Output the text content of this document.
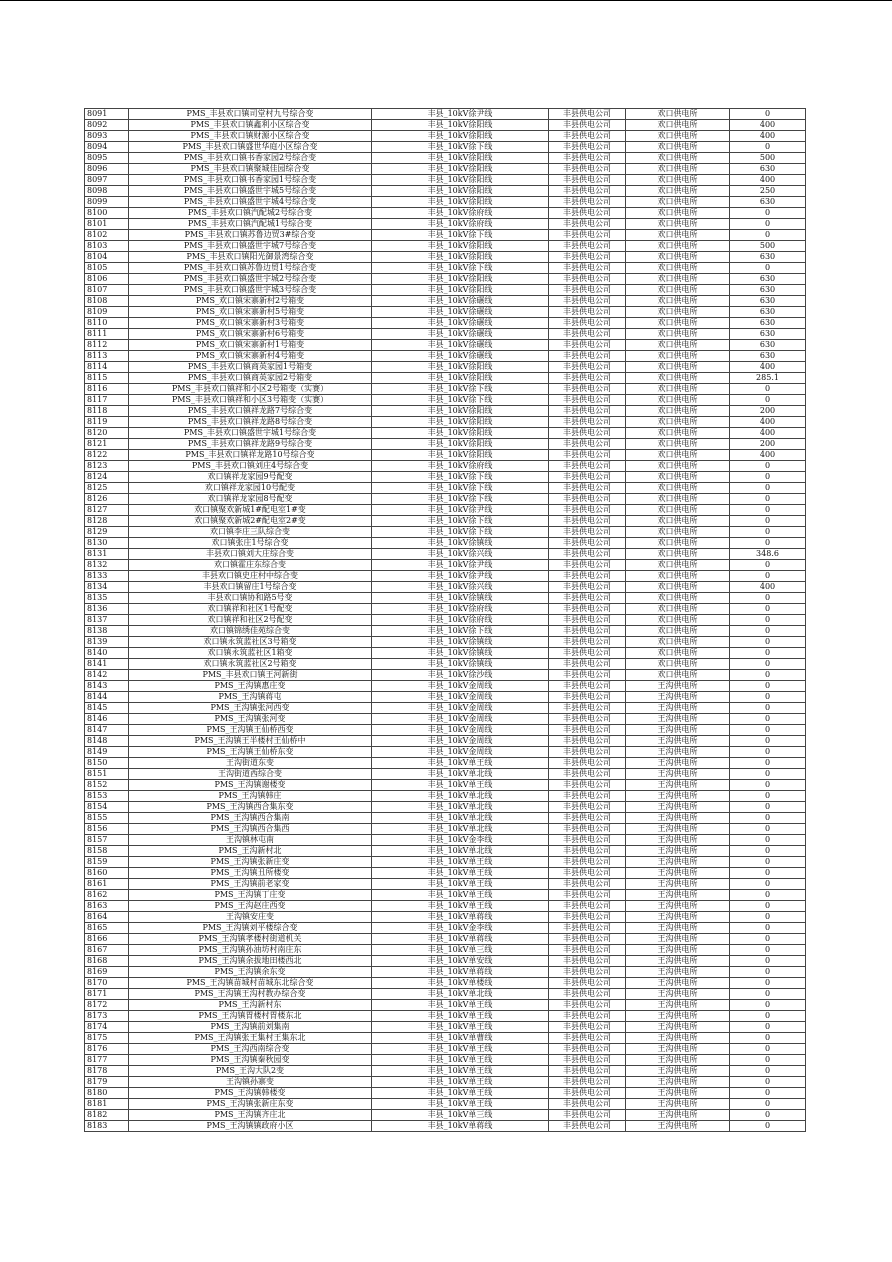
8091	PMS_丰县欢口镇司堂村九号综合变	丰县_10kV徐尹线	丰县供电公司	欢口供电所	0
8092	PMS_丰县欢口镇鑫利小区综合变	丰县_10kV徐阳线	丰县供电公司	欢口供电所	400
8093	PMS_丰县欢口镇财源小区综合变	丰县_10kV徐阳线	丰县供电公司	欢口供电所	400
8094	PMS_丰县欢口镇盛世华庭小区综合变	丰县_10kV徐下线	丰县供电公司	欢口供电所	0
8095	PMS_丰县欢口镇书香家园2号综合变	丰县_10kV徐阳线	丰县供电公司	欢口供电所	500
8096	PMS_丰县欢口镇聚城佳园综合变	丰县_10kV徐阳线	丰县供电公司	欢口供电所	630
8097	PMS_丰县欢口镇书香家园1号综合变	丰县_10kV徐阳线	丰县供电公司	欢口供电所	400
8098	PMS_丰县欢口镇盛世宇城5号综合变	丰县_10kV徐阳线	丰县供电公司	欢口供电所	250
8099	PMS_丰县欢口镇盛世宇城4号综合变	丰县_10kV徐阳线	丰县供电公司	欢口供电所	630
8100	PMS_丰县欢口镇汽配城2号综合变	丰县_10kV徐府线	丰县供电公司	欢口供电所	0
8101	PMS_丰县欢口镇汽配城1号综合变	丰县_10kV徐府线	丰县供电公司	欢口供电所	0
8102	PMS_丰县欢口镇苏鲁边贸3#综合变	丰县_10kV徐下线	丰县供电公司	欢口供电所	0
8103	PMS_丰县欢口镇盛世宇城7号综合变	丰县_10kV徐阳线	丰县供电公司	欢口供电所	500
8104	PMS_丰县欢口镇阳光御景湾综合变	丰县_10kV徐阳线	丰县供电公司	欢口供电所	630
8105	PMS_丰县欢口镇苏鲁边贸1号综合变	丰县_10kV徐下线	丰县供电公司	欢口供电所	0
8106	PMS_丰县欢口镇盛世宇城2号综合变	丰县_10kV徐阳线	丰县供电公司	欢口供电所	630
8107	PMS_丰县欢口镇盛世宇城3号综合变	丰县_10kV徐阳线	丰县供电公司	欢口供电所	630
8108	PMS_欢口镇宋寨新村2号箱变	丰县_10kV徐碾线	丰县供电公司	欢口供电所	630
8109	PMS_欢口镇宋寨新村5号箱变	丰县_10kV徐碾线	丰县供电公司	欢口供电所	630
8110	PMS_欢口镇宋寨新村3号箱变	丰县_10kV徐碾线	丰县供电公司	欢口供电所	630
8111	PMS_欢口镇宋寨新村6号箱变	丰县_10kV徐碾线	丰县供电公司	欢口供电所	630
8112	PMS_欢口镇宋寨新村1号箱变	丰县_10kV徐碾线	丰县供电公司	欢口供电所	630
8113	PMS_欢口镇宋寨新村4号箱变	丰县_10kV徐碾线	丰县供电公司	欢口供电所	630
8114	PMS_丰县欢口镇商英家园1号箱变	丰县_10kV徐阳线	丰县供电公司	欢口供电所	400
8115	PMS_丰县欢口镇商英家园2号箱变	丰县_10kV徐阳线	丰县供电公司	欢口供电所	285.1
8116	PMS_丰县欢口镇祥和小区2号箱变（实赛）	丰县_10kV徐下线	丰县供电公司	欢口供电所	0
8117	PMS_丰县欢口镇祥和小区3号箱变（实赛）	丰县_10kV徐下线	丰县供电公司	欢口供电所	0
8118	PMS_丰县欢口镇祥龙路7号综合变	丰县_10kV徐阳线	丰县供电公司	欢口供电所	200
8119	PMS_丰县欢口镇祥龙路8号综合变	丰县_10kV徐阳线	丰县供电公司	欢口供电所	400
8120	PMS_丰县欢口镇盛世宇城1号综合变	丰县_10kV徐阳线	丰县供电公司	欢口供电所	400
8121	PMS_丰县欢口镇祥龙路9号综合变	丰县_10kV徐阳线	丰县供电公司	欢口供电所	200
8122	PMS_丰县欢口镇祥龙路10号综合变	丰县_10kV徐阳线	丰县供电公司	欢口供电所	400
8123	PMS_丰县欢口镇刘庄4号综合变	丰县_10kV徐府线	丰县供电公司	欢口供电所	0
8124	欢口镇祥龙家园9号配变	丰县_10kV徐下线	丰县供电公司	欢口供电所	0
8125	欢口镇祥龙家园10号配变	丰县_10kV徐下线	丰县供电公司	欢口供电所	0
8126	欢口镇祥龙家园8号配变	丰县_10kV徐下线	丰县供电公司	欢口供电所	0
8127	欢口镇聚欢新城1#配电室1#变	丰县_10kV徐尹线	丰县供电公司	欢口供电所	0
8128	欢口镇聚欢新城2#配电室2#变	丰县_10kV徐下线	丰县供电公司	欢口供电所	0
8129	欢口镇李庄三队综合变	丰县_10kV徐下线	丰县供电公司	欢口供电所	0
8130	欢口镇张庄1号综合变	丰县_10kV徐镇线	丰县供电公司	欢口供电所	0
8131	丰县欢口镇刘大庄综合变	丰县_10kV徐兴线	丰县供电公司	欢口供电所	348.6
8132	欢口镇霍庄东综合变	丰县_10kV徐尹线	丰县供电公司	欢口供电所	0
8133	丰县欢口镇史庄村中综合变	丰县_10kV徐尹线	丰县供电公司	欢口供电所	0
8134	丰县欢口镇留庄1号综合变	丰县_10kV徐兴线	丰县供电公司	欢口供电所	400
8135	丰县欢口镇协和路5号变	丰县_10kV徐镇线	丰县供电公司	欢口供电所	0
8136	欢口镇祥和社区1号配变	丰县_10kV徐府线	丰县供电公司	欢口供电所	0
8137	欢口镇祥和社区2号配变	丰县_10kV徐府线	丰县供电公司	欢口供电所	0
8138	欢口镇锦绣佳苑综合变	丰县_10kV徐下线	丰县供电公司	欢口供电所	0
8139	欢口镇永筑蓝社区3号箱变	丰县_10kV徐镇线	丰县供电公司	欢口供电所	0
8140	欢口镇永筑蓝社区1箱变	丰县_10kV徐镇线	丰县供电公司	欢口供电所	0
8141	欢口镇永筑蓝社区2号箱变	丰县_10kV徐镇线	丰县供电公司	欢口供电所	0
8142	PMS_丰县欢口镇王河新街	丰县_10kV徐沙线	丰县供电公司	欢口供电所	0
8143	PMS_王沟镇惠庄变	丰县_10kV金周线	丰县供电公司	王沟供电所	0
8144	PMS_王沟镇蒋屯	丰县_10kV金周线	丰县供电公司	王沟供电所	0
8145	PMS_王沟镇张河西变	丰县_10kV金周线	丰县供电公司	王沟供电所	0
8146	PMS_王沟镇张河变	丰县_10kV金周线	丰县供电公司	王沟供电所	0
8147	PMS_王沟镇王仙桥西变	丰县_10kV金周线	丰县供电公司	王沟供电所	0
8148	PMS_王沟镇王半楼村王仙桥中	丰县_10kV金周线	丰县供电公司	王沟供电所	0
8149	PMS_王沟镇王仙桥东变	丰县_10kV金周线	丰县供电公司	王沟供电所	0
8150	王沟街道东变	丰县_10kV单王线	丰县供电公司	王沟供电所	0
8151	王沟街道西综合变	丰县_10kV单北线	丰县供电公司	王沟供电所	0
8152	PMS_王沟镇谢楼变	丰县_10kV单王线	丰县供电公司	王沟供电所	0
8153	PMS_王沟镇韩庄	丰县_10kV单北线	丰县供电公司	王沟供电所	0
8154	PMS_王沟镇西合集东变	丰县_10kV单北线	丰县供电公司	王沟供电所	0
8155	PMS_王沟镇西合集南	丰县_10kV单北线	丰县供电公司	王沟供电所	0
8156	PMS_王沟镇西合集西	丰县_10kV单北线	丰县供电公司	王沟供电所	0
8157	王沟镇林屯南	丰县_10kV金李线	丰县供电公司	王沟供电所	0
8158	PMS_王沟新村北	丰县_10kV单北线	丰县供电公司	王沟供电所	0
8159	PMS_王沟镇张新庄变	丰县_10kV单王线	丰县供电公司	王沟供电所	0
8160	PMS_王沟镇丑所楼变	丰县_10kV单王线	丰县供电公司	王沟供电所	0
8161	PMS_王沟镇前老家变	丰县_10kV单王线	丰县供电公司	王沟供电所	0
8162	PMS_王沟镇丁庄变	丰县_10kV单王线	丰县供电公司	王沟供电所	0
8163	PMS_王沟赵庄西变	丰县_10kV单王线	丰县供电公司	王沟供电所	0
8164	王沟镇安庄变	丰县_10kV单蒋线	丰县供电公司	王沟供电所	0
8165	PMS_王沟镇刘平楼综合变	丰县_10kV金李线	丰县供电公司	王沟供电所	0
8166	PMS_王沟镇孝楼村街道机关	丰县_10kV单蒋线	丰县供电公司	王沟供电所	0
8167	PMS_王沟镇孙油坊村南庄东	丰县_10kV单三线	丰县供电公司	王沟供电所	0
8168	PMS_王沟镇余拔地田楼西北	丰县_10kV单安线	丰县供电公司	王沟供电所	0
8169	PMS_王沟镇余东变	丰县_10kV单蒋线	丰县供电公司	王沟供电所	0
8170	PMS_王沟镇苗城村苗城东北综合变	丰县_10kV单楼线	丰县供电公司	王沟供电所	0
8171	PMS_王沟镇王沟村教办综合变	丰县_10kV单北线	丰县供电公司	王沟供电所	0
8172	PMS_王沟新村东	丰县_10kV单王线	丰县供电公司	王沟供电所	0
8173	PMS_王沟镇胃楼村胃楼东北	丰县_10kV单王线	丰县供电公司	王沟供电所	0
8174	PMS_王沟镇前刘集南	丰县_10kV单王线	丰县供电公司	王沟供电所	0
8175	PMS_王沟镇张王集村王集东北	丰县_10kV单曹线	丰县供电公司	王沟供电所	0
8176	PMS_王沟西南综合变	丰县_10kV单王线	丰县供电公司	王沟供电所	0
8177	PMS_王沟镇秦秋园变	丰县_10kV单王线	丰县供电公司	王沟供电所	0
8178	PMS_王沟大队2变	丰县_10kV单王线	丰县供电公司	王沟供电所	0
8179	王沟镇孙寨变	丰县_10kV单王线	丰县供电公司	王沟供电所	0
8180	PMS_王沟镇韩楼变	丰县_10kV单王线	丰县供电公司	王沟供电所	0
8181	PMS_王沟镇张新庄东变	丰县_10kV单王线	丰县供电公司	王沟供电所	0
8182	PMS_王沟镇齐庄北	丰县_10kV单三线	丰县供电公司	王沟供电所	0
8183	PMS_王沟镇镇政府小区	丰县_10kV单蒋线	丰县供电公司	王沟供电所	0
